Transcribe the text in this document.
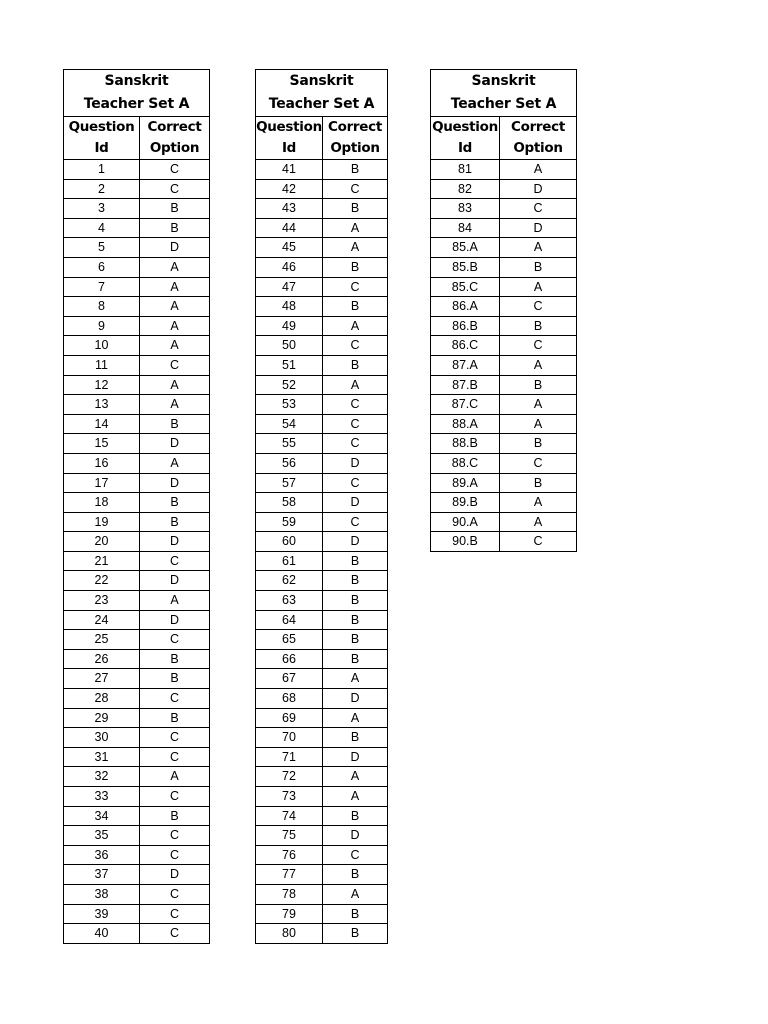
Sanskrit
Teacher Set A	
Question
Id	Correct
Option
1	C
2	C
3	B
4	B
5	D
6	A
7	A
8	A
9	A
10	A
11	C
12	A
13	A
14	B
15	D
16	A
17	D
18	B
19	B
20	D
21	C
22	D
23	A
24	D
25	C
26	B
27	B
28	C
29	B
30	C
31	C
32	A
33	C
34	B
35	C
36	C
37	D
38	C
39	C
40	C
Sanskrit
Teacher Set A	
Question
Id	Correct
Option
41	B
42	C
43	B
44	A
45	A
46	B
47	C
48	B
49	A
50	C
51	B
52	A
53	C
54	C
55	C
56	D
57	C
58	D
59	C
60	D
61	B
62	B
63	B
64	B
65	B
66	B
67	A
68	D
69	A
70	B
71	D
72	A
73	A
74	B
75	D
76	C
77	B
78	A
79	B
80	B
Sanskrit
Teacher Set A	
Question
Id	Correct
Option
81	A
82	D
83	C
84	D
85.A	A
85.B	B
85.C	A
86.A	C
86.B	B
86.C	C
87.A	A
87.B	B
87.C	A
88.A	A
88.B	B
88.C	C
89.A	B
89.B	A
90.A	A
90.B	C
